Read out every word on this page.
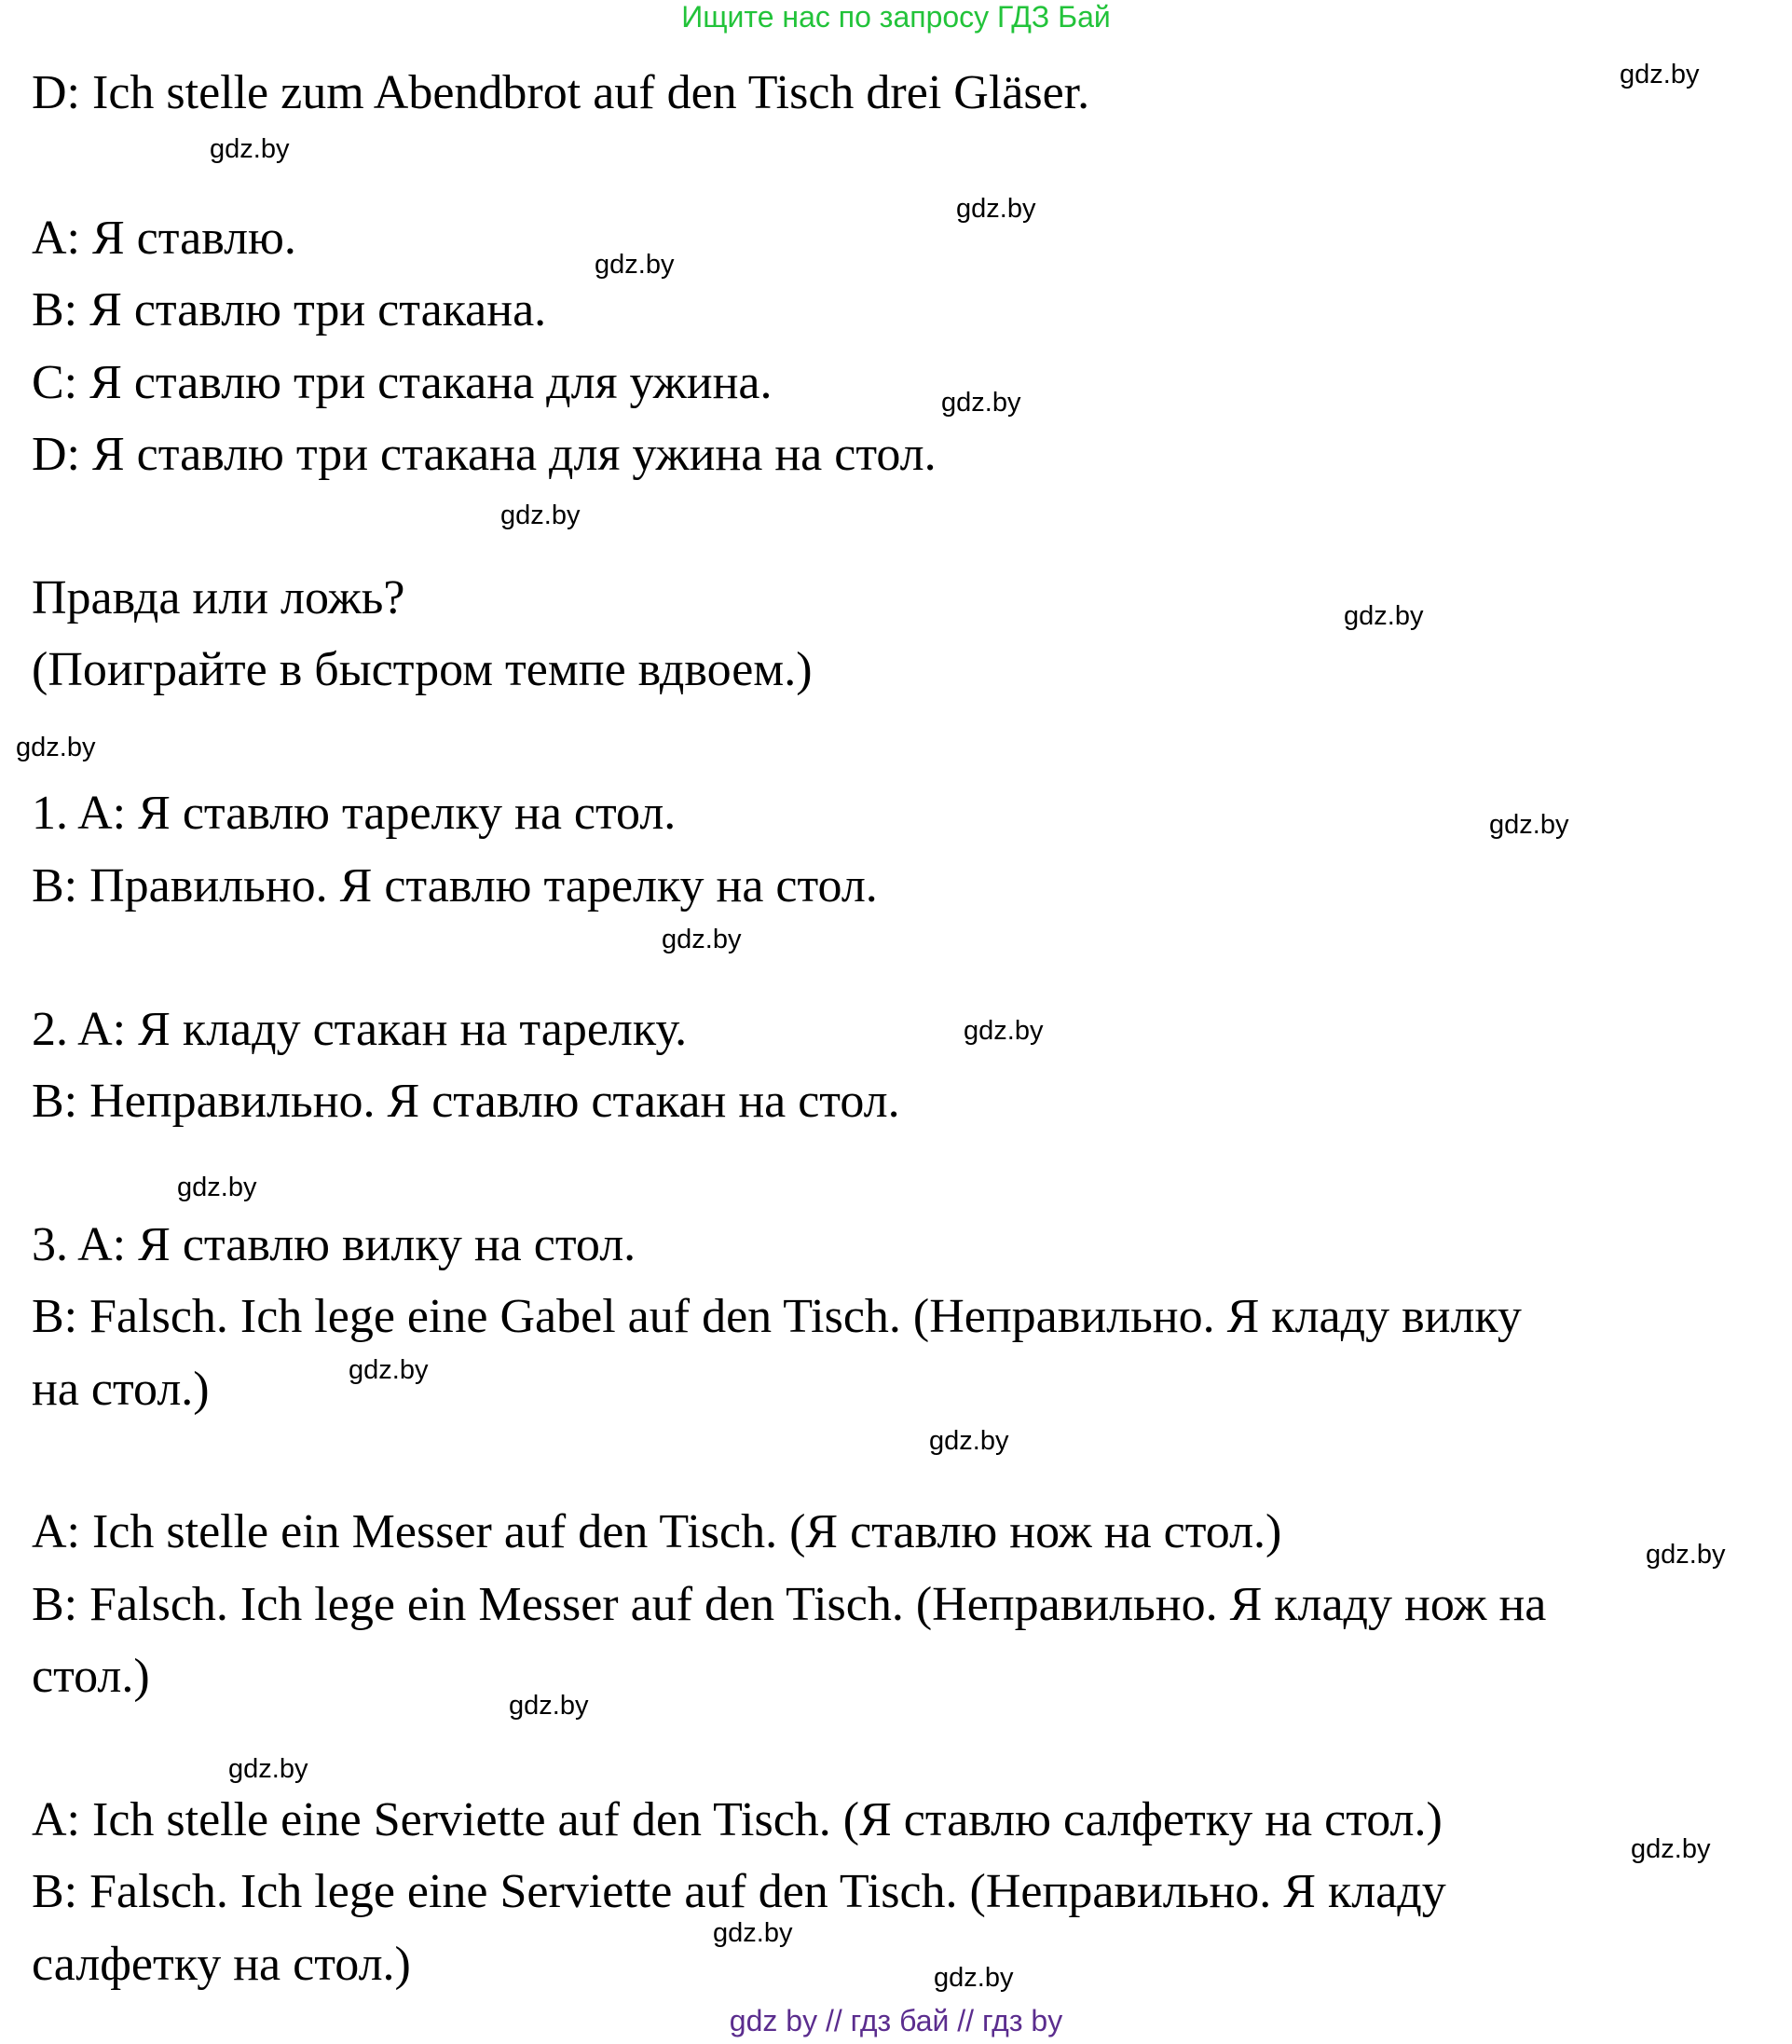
Ищите нас по запросу ГДЗ Бай
D: Ich stelle zum Abendbrot auf den Tisch drei Gläser.
A: Я ставлю.
B: Я ставлю три стакана.
C: Я ставлю три стакана для ужина.
D: Я ставлю три стакана для ужина на стол.
Правда или ложь?
(Поиграйте в быстром темпе вдвоем.)
1. A: Я ставлю тарелку на стол.
B: Правильно. Я ставлю тарелку на стол.
2. A: Я кладу стакан на тарелку.
B: Неправильно. Я ставлю стакан на стол.
3. A: Я ставлю вилку на стол.
B: Falsch. Ich lege eine Gabel auf den Tisch. (Неправильно. Я кладу вилку
на стол.)
A: Ich stelle ein Messer auf den Tisch. (Я ставлю нож на стол.)
B: Falsch. Ich lege ein Messer auf den Tisch. (Неправильно. Я кладу нож на
стол.)
A: Ich stelle eine Serviette auf den Tisch. (Я ставлю салфетку на стол.)
B: Falsch. Ich lege eine Serviette auf den Tisch. (Неправильно. Я кладу
салфетку на стол.)
gdz.by
gdz.by
gdz.by
gdz.by
gdz.by
gdz.by
gdz.by
gdz.by
gdz.by
gdz.by
gdz.by
gdz.by
gdz.by
gdz.by
gdz.by
gdz.by
gdz.by
gdz.by
gdz.by
gdz.by
gdz by // гдз бай // гдз by
